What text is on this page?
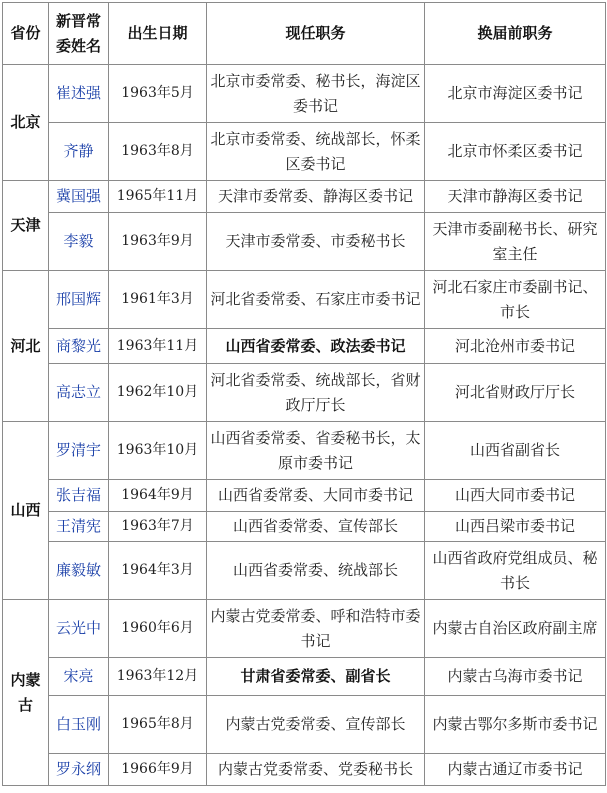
省份	新晋常委姓名	出生日期	现任职务	换届前职务
北京	崔述强	1963年5月	北京市委常委、秘书长，海淀区委书记	北京市海淀区委书记
	齐静	1963年8月	北京市委常委、统战部长，怀柔区委书记	北京市怀柔区委书记
天津	冀国强	1965年11月	天津市委常委、静海区委书记	天津市静海区委书记
	李毅	1963年9月	天津市委常委、市委秘书长	天津市委副秘书长、研究室主任
河北	邢国辉	1961年3月	河北省委常委、石家庄市委书记	河北石家庄市委副书记、市长
	商黎光	1963年11月	山西省委常委、政法委书记	河北沧州市委书记
	高志立	1962年10月	河北省委常委、统战部长，省财政厅厅长	河北省财政厅厅长
山西	罗清宇	1963年10月	山西省委常委、省委秘书长，太原市委书记	山西省副省长
	张吉福	1964年9月	山西省委常委、大同市委书记	山西大同市委书记
	王清宪	1963年7月	山西省委常委、宣传部长	山西吕梁市委书记
	廉毅敏	1964年3月	山西省委常委、统战部长	山西省政府党组成员、秘书长
内蒙古	云光中	1960年6月	内蒙古党委常委、呼和浩特市委书记	内蒙古自治区政府副主席
	宋亮	1963年12月	甘肃省委常委、副省长	内蒙古乌海市委书记
	白玉刚	1965年8月	内蒙古党委常委、宣传部长	内蒙古鄂尔多斯市委书记
	罗永纲	1966年9月	内蒙古党委常委、党委秘书长	内蒙古通辽市委书记
